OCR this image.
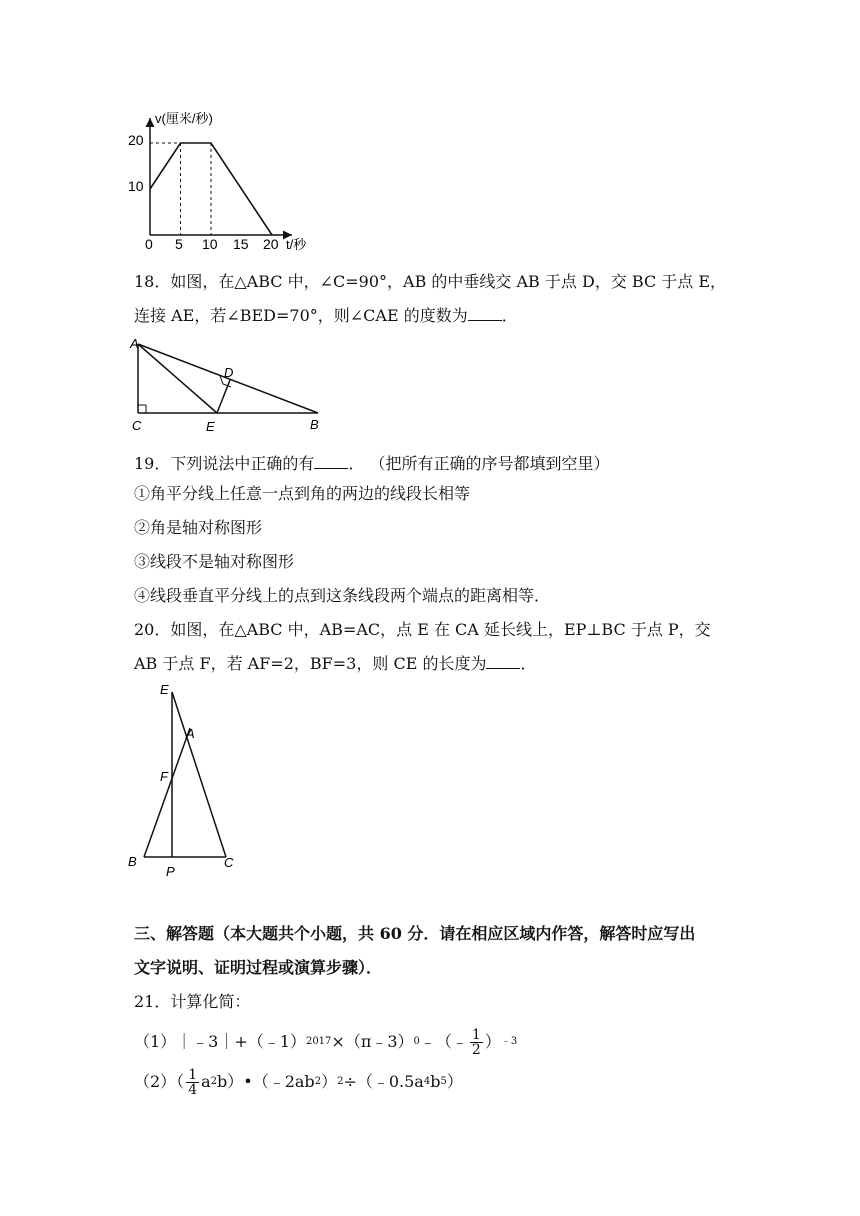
v(厘米/秒)
t/秒
20
10
0 5 10 15 20
18．如图，在△ABC 中，∠C=90°，AB 的中垂线交 AB 于点 D，交 BC 于点 E，
连接 AE，若∠BED=70°，则∠CAE 的度数为 ．
A
D
C	E	B
19．下列说法中正确的有 ． （把所有正确的序号都填到空里）
①角平分线上任意一点到角的两边的线段长相等
②角是轴对称图形
③线段不是轴对称图形
④线段垂直平分线上的点到这条线段两个端点的距离相等．
20．如图，在△ABC 中，AB=AC，点 E 在 CA 延长线上，EP⊥BC 于点 P，交
AB 于点 F，若 AF=2，BF=3，则 CE 的长度为 ．
E
A
F
B
P
C
三、解答题（本大题共个小题，共 60 分．请在相应区域内作答，解答时应写出
文字说明、证明过程或演算步骤）．
21．计算化简：
（1）｜﹣3｜+（﹣1） 2017 ×（π﹣3） 0 ﹣（﹣ $\frac{1}{2}$ ） ﹣3
$(2)( \frac{1}{4}$ a 2 b）•（﹣2ab 2 ） 2 ÷（﹣0.5a 4 b 5 ）
